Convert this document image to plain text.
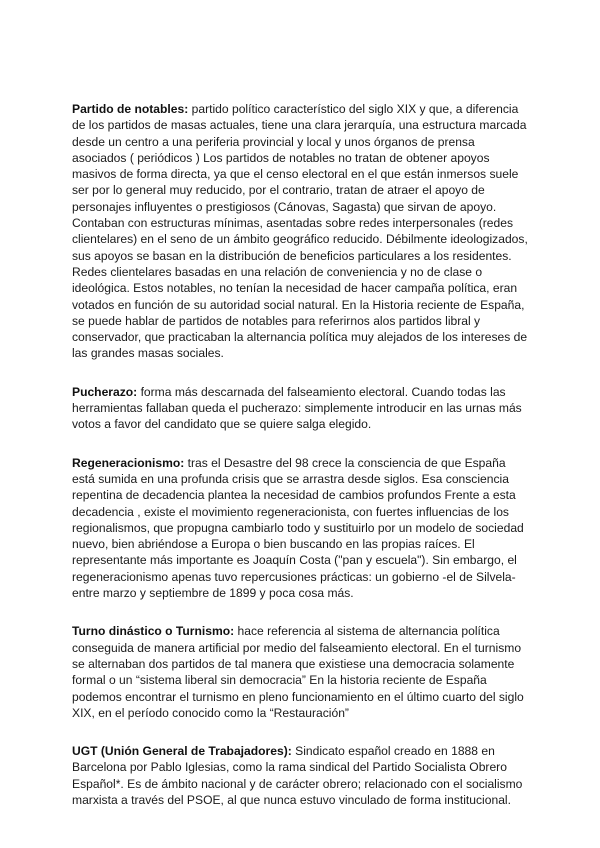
Partido de notables: partido político característico del siglo XIX y que, a diferencia de los partidos de masas actuales, tiene una clara jerarquía, una estructura marcada desde un centro a una periferia provincial y local y unos órganos de prensa asociados ( periódicos ) Los partidos de notables no tratan de obtener apoyos masivos de forma directa, ya que el censo electoral en el que están inmersos suele ser por lo general muy reducido, por el contrario, tratan de atraer el apoyo de personajes influyentes o prestigiosos (Cánovas, Sagasta) que sirvan de apoyo. Contaban con estructuras mínimas, asentadas sobre redes interpersonales (redes clientelares) en el seno de un ámbito geográfico reducido. Débilmente ideologizados, sus apoyos se basan en la distribución de beneficios particulares a los residentes. Redes clientelares basadas en una relación de conveniencia y no de clase o ideológica. Estos notables, no tenían la necesidad de hacer campaña política, eran votados en función de su autoridad social natural. En la Historia reciente de España, se puede hablar de partidos de notables para referirnos alos partidos libral y conservador, que practicaban la alternancia política muy alejados de los intereses de las grandes masas sociales.

Pucherazo: forma más descarnada del falseamiento electoral. Cuando todas las herramientas fallaban queda el pucherazo: simplemente introducir en las urnas más votos a favor del candidato que se quiere salga elegido.

Regeneracionismo: tras el Desastre del 98 crece la consciencia de que España está sumida en una profunda crisis que se arrastra desde siglos. Esa consciencia repentina de decadencia plantea la necesidad de cambios profundos Frente a esta decadencia , existe el movimiento regeneracionista, con fuertes influencias de los regionalismos, que propugna cambiarlo todo y sustituirlo por un modelo de sociedad nuevo, bien abriéndose a Europa o bien buscando en las propias raíces. El representante más importante es Joaquín Costa ("pan y escuela"). Sin embargo, el regeneracionismo apenas tuvo repercusiones prácticas: un gobierno -el de Silvela- entre marzo y septiembre de 1899 y poca cosa más.

Turno dinástico o Turnismo: hace referencia al sistema de alternancia política conseguida de manera artificial por medio del falseamiento electoral. En el turnismo se alternaban dos partidos de tal manera que existiese una democracia solamente formal o un “sistema liberal sin democracia” En la historia reciente de España podemos encontrar el turnismo en pleno funcionamiento en el último cuarto del siglo XIX, en el período conocido como la “Restauración”

UGT (Unión General de Trabajadores): Sindicato español creado en 1888 en Barcelona por Pablo Iglesias, como la rama sindical del Partido Socialista Obrero Español*. Es de ámbito nacional y de carácter obrero; relacionado con el socialismo marxista a través del PSOE, al que nunca estuvo vinculado de forma institucional.
